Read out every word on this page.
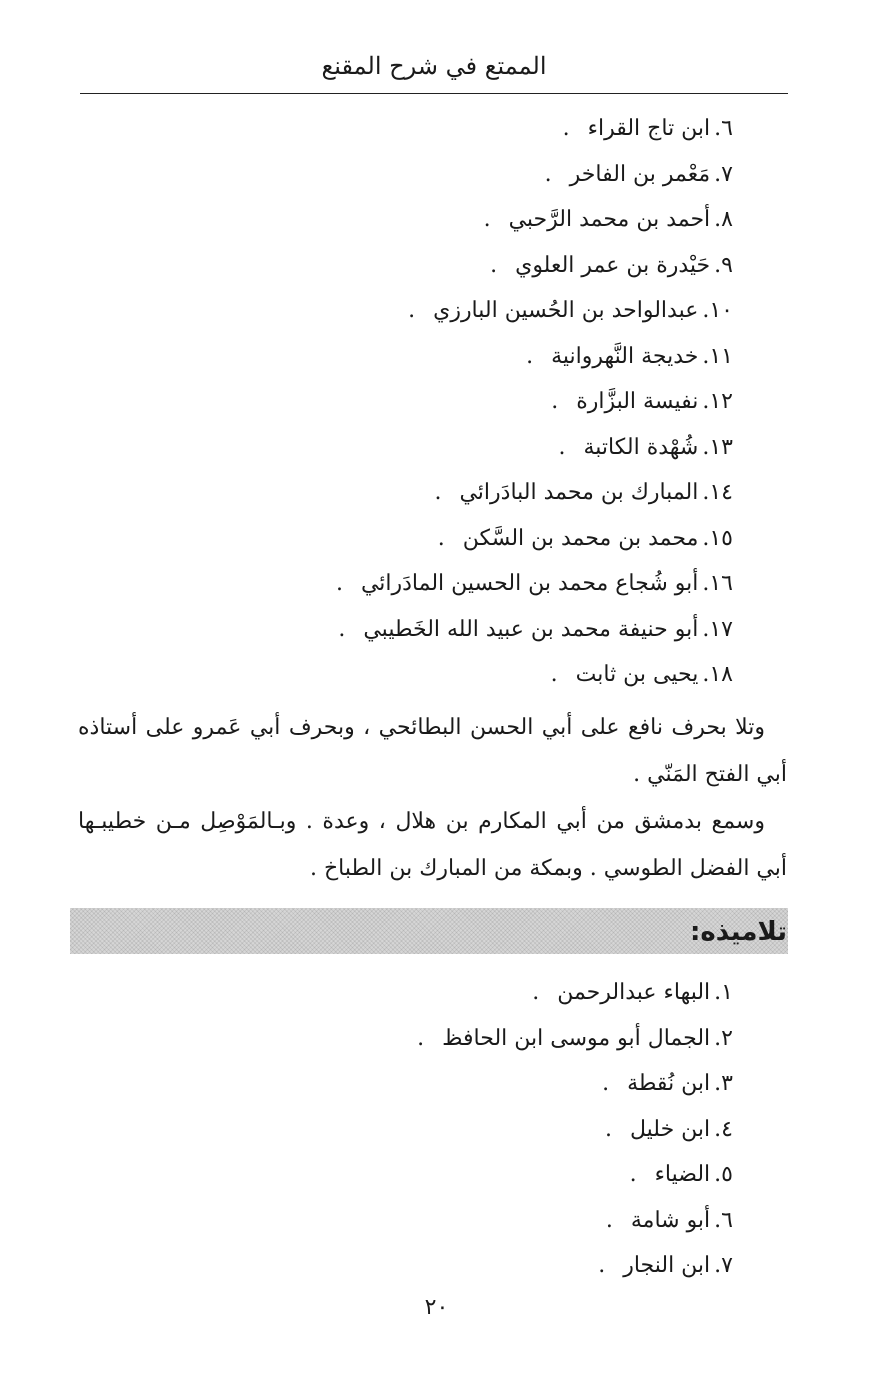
الممتع في شرح المقنع
٦.ابن تاج القراء.
٧.مَعْمر بن الفاخر.
٨.أحمد بن محمد الرَّحبي.
٩.حَيْدرة بن عمر العلوي.
١٠.عبدالواحد بن الحُسين البارزي.
١١.خديجة النَّهروانية.
١٢.نفيسة البزَّارة.
١٣.شُهْدة الكاتبة.
١٤.المبارك بن محمد البادَرائي.
١٥.محمد بن محمد بن السَّكن.
١٦.أبو شُجاع محمد بن الحسين المادَرائي.
١٧.أبو حنيفة محمد بن عبيد الله الخَطيبي.
١٨.يحيى بن ثابت.

وتلا بحرف نافع على أبي الحسن البطائحي ، وبحرف أبي عَمرو على أستاذه أبي الفتح المَنّي .

وسمع بدمشق من أبي المكارم بن هلال ، وعدة . وبـالمَوْصِل مـن خطيبـها أبي الفضل الطوسي . وبمكة من المبارك بن الطباخ .

تلاميذه:
١.البهاء عبدالرحمن.
٢.الجمال أبو موسى ابن الحافظ.
٣.ابن نُقطة.
٤.ابن خليل.
٥.الضياء.
٦.أبو شامة.
٧.ابن النجار.
٢٠
